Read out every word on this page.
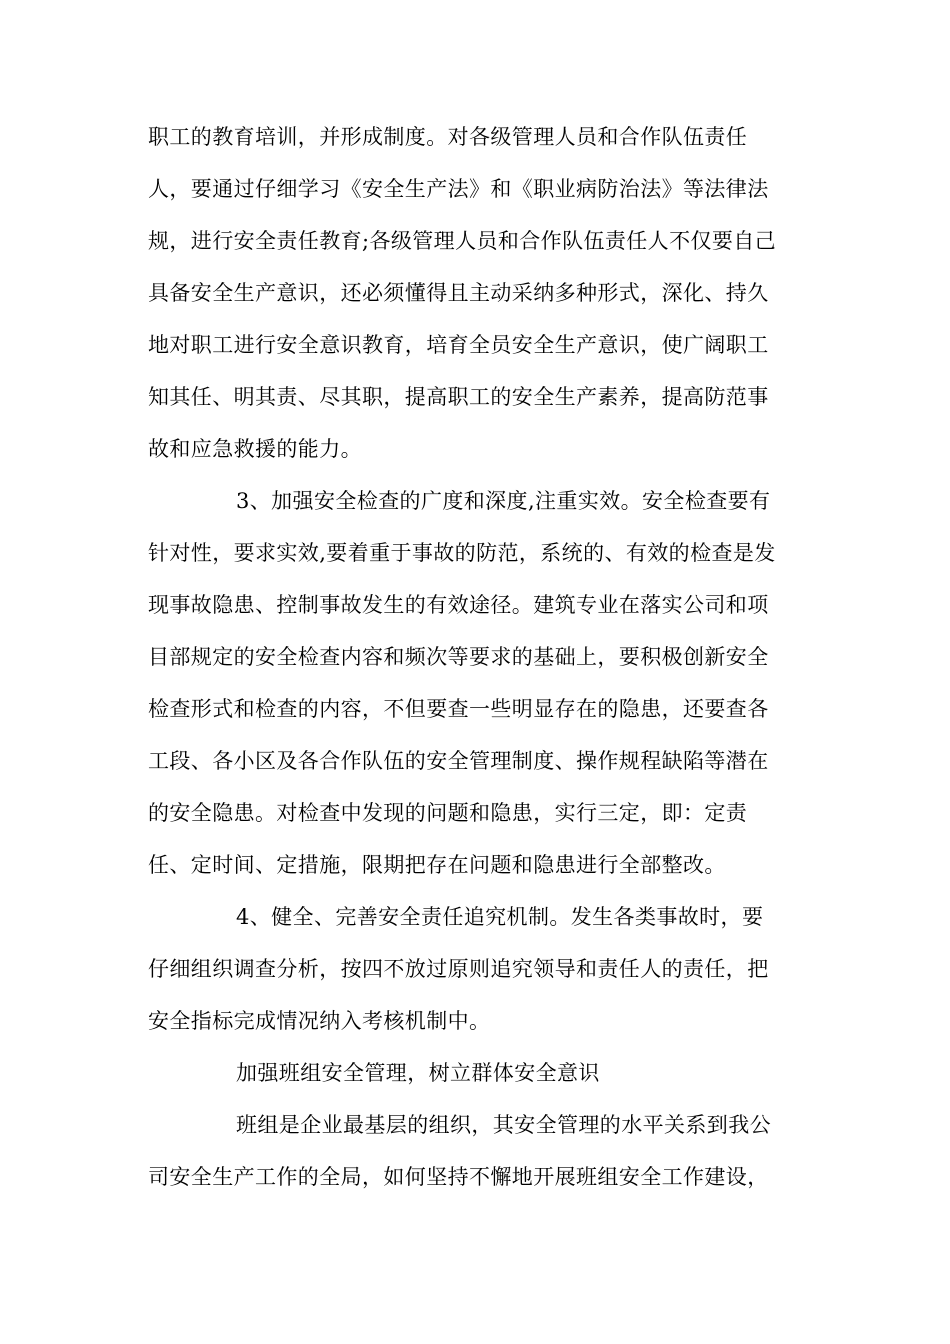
职工的教育培训，并形成制度。对各级管理人员和合作队伍责任
人，要通过仔细学习《安全生产法》和《职业病防治法》等法律法
规，进行安全责任教育;各级管理人员和合作队伍责任人不仅要自己
具备安全生产意识，还必须懂得且主动采纳多种形式，深化、持久
地对职工进行安全意识教育，培育全员安全生产意识，使广阔职工
知其任、明其责、尽其职，提高职工的安全生产素养，提高防范事
故和应急救援的能力。
3、加强安全检查的广度和深度,注重实效。安全检查要有
针对性，要求实效,要着重于事故的防范，系统的、有效的检查是发
现事故隐患、控制事故发生的有效途径。建筑专业在落实公司和项
目部规定的安全检查内容和频次等要求的基础上，要积极创新安全
检查形式和检查的内容，不但要查一些明显存在的隐患，还要查各
工段、各小区及各合作队伍的安全管理制度、操作规程缺陷等潜在
的安全隐患。对检查中发现的问题和隐患，实行三定，即：定责
任、定时间、定措施，限期把存在问题和隐患进行全部整改。
4、健全、完善安全责任追究机制。发生各类事故时，要
仔细组织调查分析，按四不放过原则追究领导和责任人的责任，把
安全指标完成情况纳入考核机制中。
加强班组安全管理，树立群体安全意识
班组是企业最基层的组织，其安全管理的水平关系到我公
司安全生产工作的全局，如何坚持不懈地开展班组安全工作建设，
